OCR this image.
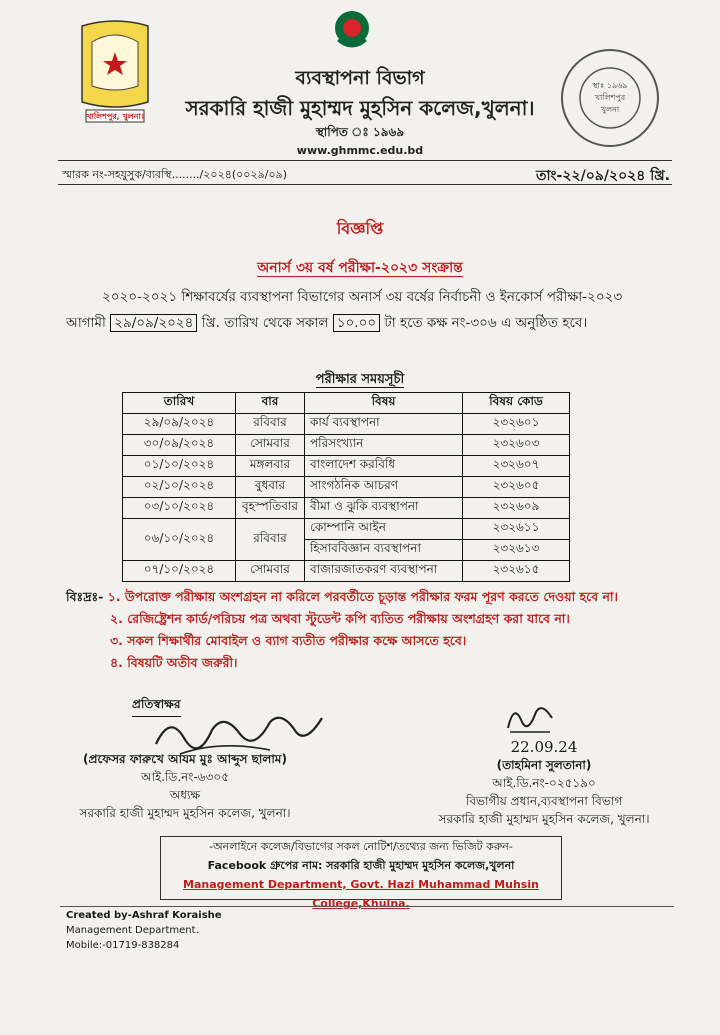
খালিশপুর, খুলনা।
ব্যবস্থাপনা বিভাগ
সরকারি হাজী মুহাম্মদ মুহসিন কলেজ,খুলনা।
স্থাপিত ঃ ১৯৬৯
www.ghmmc.edu.bd
স্থাঃ ১৯৬৯ খালিশপুর খুলনা
স্মারক নং-সহযুসুক/ব্যবস্থি......../২০২৪(০০২৯/০৯)	তাং-২২/০৯/২০২৪ খ্রি.
বিজ্ঞপ্তি
অনার্স ৩য় বর্ষ পরীক্ষা-২০২৩ সংক্রান্ত
২০২০-২০২১ শিক্ষাবর্ষের ব্যবস্থাপনা বিভাগের অনার্স ৩য় বর্ষের নির্বাচনী ও ইনকোর্স পরীক্ষা-২০২৩ আগামী ২৯/০৯/২০২৪ খ্রি. তারিখ থেকে সকাল ১০.০০ টা হতে কক্ষ নং-৩০৬ এ অনুষ্ঠিত হবে।
পরীক্ষার সময়সূচী
তারিখ	বার	বিষয়	বিষয় কোড
২৯/০৯/২০২৪	রবিবার	কার্য ব্যবস্থাপনা	২৩২৬০১
৩০/০৯/২০২৪	সোমবার	পরিসংখ্যান	২৩২৬০৩
০১/১০/২০২৪	মঙ্গলবার	বাংলাদেশ করবিধি	২৩২৬০৭
০২/১০/২০২৪	বুধবার	সাংগঠনিক আচরণ	২৩২৬০৫
০৩/১০/২০২৪	বৃহস্পতিবার	বীমা ও ঝুকি ব্যবস্থাপনা	২৩২৬০৯
০৬/১০/২০২৪	রবিবার	কোম্পানি আইন	২৩২৬১১
		হিসাববিজ্ঞান ব্যবস্থাপনা	২৩২৬১৩
০৭/১০/২০২৪	সোমবার	বাজারজাতকরণ ব্যবস্থাপনা	২৩২৬১৫
বিঃদ্রঃ- ১. উপরোক্ত পরীক্ষায় অংশগ্রহন না করিলে পরবর্তীতে চূড়ান্ত পরীক্ষার ফরম পূরণ করতে দেওয়া হবে না।
২. রেজিষ্ট্রেশন কার্ড/পরিচয় পত্র অথবা স্টুডেন্ট কপি ব্যতিত পরীক্ষায় অংশগ্রহণ করা যাবে না।
৩. সকল শিক্ষার্থীর মোবাইল ও ব্যাগ ব্যতীত পরীক্ষার কক্ষে আসতে হবে।
৪. বিষয়টি অতীব জরুরী।
প্রতিস্বাক্ষর
(প্রফেসর ফারুখে আযম মুঃ আব্দুস ছালাম)
আই.ডি.নং-৬৩০৫
অধ্যক্ষ
সরকারি হাজী মুহাম্মদ মুহসিন কলেজ, খুলনা।
22.09.24
(তাহমিনা সুলতানা)
আই.ডি.নং-০২৫১৯০
বিভাগীয় প্রধান,ব্যবস্থাপনা বিভাগ
সরকারি হাজী মুহাম্মদ মুহসিন কলেজ, খুলনা।
-অনলাইনে কলেজ/বিভাগের সকল নোটিশ/তথ্যের জন্য ভিজিট করুন-
Facebook গ্রুপের নাম: সরকারি হাজী মুহাম্মদ মুহসিন কলেজ,খুলনা
Management Department, Govt. Hazi Muhammad Muhsin College,Khulna.
Created by-Ashraf Koraishe
Management Department.
Mobile:-01719-838284
